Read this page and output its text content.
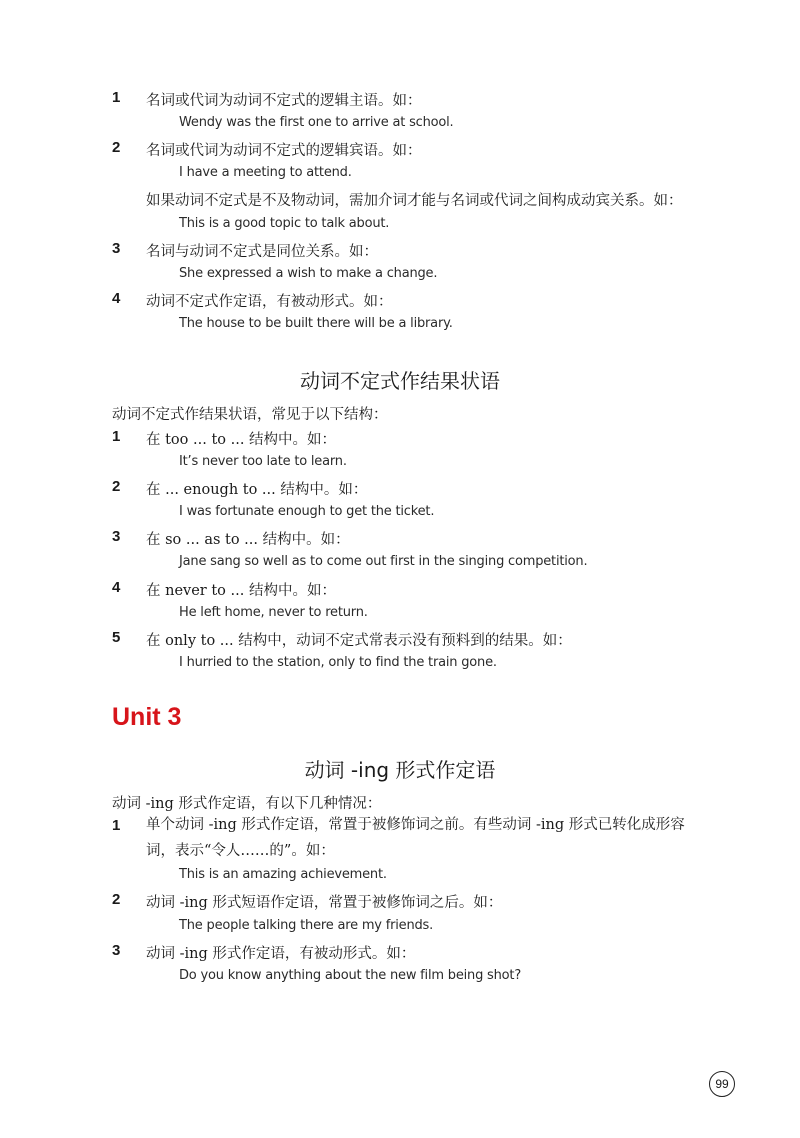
1 名词或代词为动词不定式的逻辑主语。如：
Wendy was the first one to arrive at school.
2 名词或代词为动词不定式的逻辑宾语。如：
I have a meeting to attend.
如果动词不定式是不及物动词，需加介词才能与名词或代词之间构成动宾关系。如：
This is a good topic to talk about.
3 名词与动词不定式是同位关系。如：
She expressed a wish to make a change.
4 动词不定式作定语，有被动形式。如：
The house to be built there will be a library.
动词不定式作结果状语
动词不定式作结果状语，常见于以下结构：
1 在 too ... to ... 结构中。如：
It’s never too late to learn.
2 在 ... enough to ... 结构中。如：
I was fortunate enough to get the ticket.
3 在 so ... as to ... 结构中。如：
Jane sang so well as to come out first in the singing competition.
4 在 never to ... 结构中。如：
He left home, never to return.
5 在 only to ... 结构中，动词不定式常表示没有预料到的结果。如：
I hurried to the station, only to find the train gone.
Unit 3
动词 -ing 形式作定语
动词 -ing 形式作定语，有以下几种情况：
1 单个动词 -ing 形式作定语，常置于被修饰词之前。有些动词 -ing 形式已转化成形容词，表示“令人……的”。如：
This is an amazing achievement.
2 动词 -ing 形式短语作定语，常置于被修饰词之后。如：
The people talking there are my friends.
3 动词 -ing 形式作定语，有被动形式。如：
Do you know anything about the new film being shot?
99
